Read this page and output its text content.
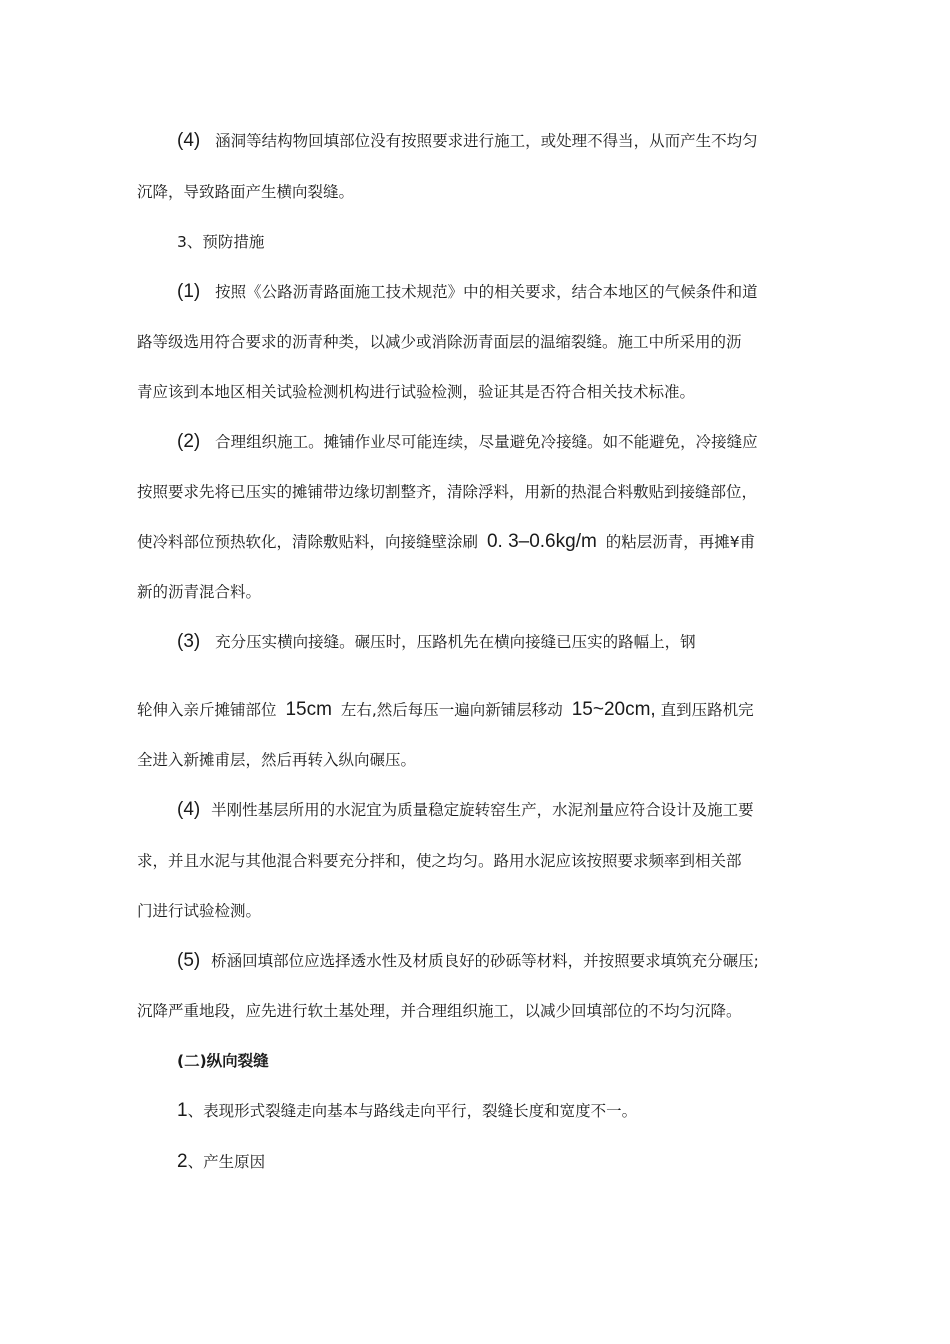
(4) 涵洞等结构物回填部位没有按照要求进行施工，或处理不得当，从而产生不均匀
沉降，导致路面产生横向裂缝。
3、预防措施
(1) 按照《公路沥青路面施工技术规范》中的相关要求，结合本地区的气候条件和道
路等级选用符合要求的沥青种类，以减少或消除沥青面层的温缩裂缝。施工中所采用的沥
青应该到本地区相关试验检测机构进行试验检测，验证其是否符合相关技术标准。
(2) 合理组织施工。摊铺作业尽可能连续，尽量避免冷接缝。如不能避免，冷接缝应
按照要求先将已压实的摊铺带边缘切割整齐，清除浮料，用新的热混合料敷贴到接缝部位，
使冷料部位预热软化，清除敷贴料，向接缝壁涂刷 0. 3–0.6kg/m 的粘层沥青，再摊¥甫
新的沥青混合料。
(3) 充分压实横向接缝。碾压时，压路机先在横向接缝已压实的路幅上，钢
轮伸入亲斤摊铺部位 15cm 左右,然后每压一遍向新铺层移动 15~20cm, 直到压路机完
全进入新摊甫层，然后再转入纵向碾压。
(4) 半刚性基层所用的水泥宜为质量稳定旋转窑生产，水泥剂量应符合设计及施工要
求，并且水泥与其他混合料要充分拌和，使之均匀。路用水泥应该按照要求频率到相关部
门进行试验检测。
(5) 桥涵回填部位应选择透水性及材质良好的砂砾等材料，并按照要求填筑充分碾压;
沉降严重地段，应先进行软土基处理，并合理组织施工，以减少回填部位的不均匀沉降。
(二)纵向裂缝
1、表现形式裂缝走向基本与路线走向平行，裂缝长度和宽度不一。
2、产生原因
